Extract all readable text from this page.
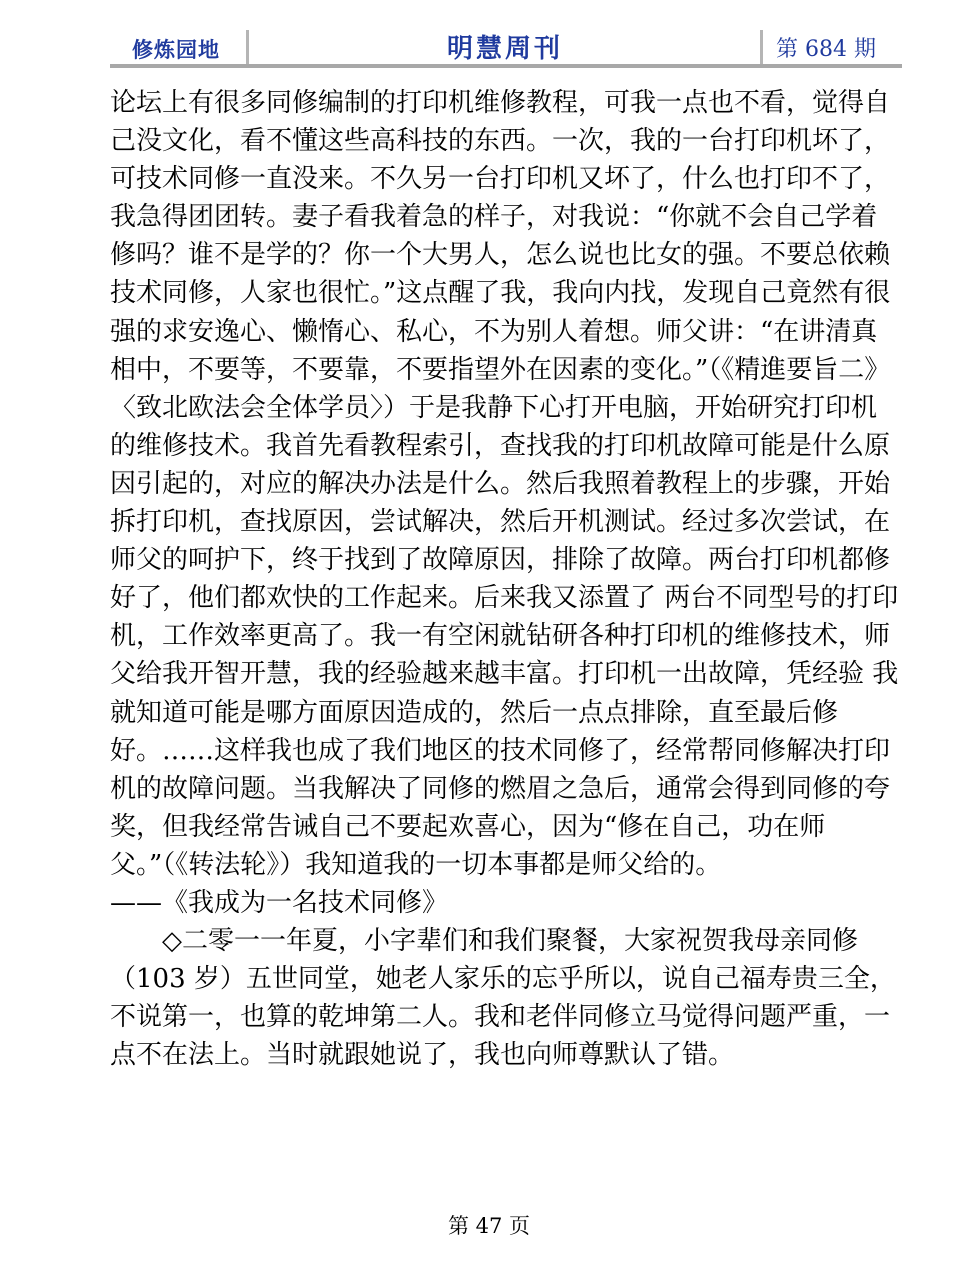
修炼园地	明慧周刊	第 684 期

论坛上有很多同修编制的打印机维修教程，可我一点也不看，觉得自己没文化，看不懂这些高科技的东西。一次，我的一台打印机坏了，可技术同修一直没来。不久另一台打印机又坏了，什么也打印不了，我急得团团转。妻子看我着急的样子，对我说：“你就不会自己学着修吗？谁不是学的？你一个大男人，怎么说也比女的强。不要总依赖技术同修，人家也很忙。”这点醒了我，我向内找，发现自己竟然有很强的求安逸心、懒惰心、私心，不为别人着想。师父讲：“在讲清真相中，不要等，不要靠，不要指望外在因素的变化。”（《精進要旨二》〈致北欧法会全体学员〉）于是我静下心打开电脑，开始研究打印机的维修技术。我首先看教程索引，查找我的打印机故障可能是什么原因引起的，对应的解决办法是什么。然后我照着教程上的步骤，开始拆打印机，查找原因，尝试解决，然后开机测试。经过多次尝试，在师父的呵护下，终于找到了故障原因，排除了故障。两台打印机都修好了，他们都欢快的工作起来。后来我又添置了 两台不同型号的打印机，工作效率更高了。我一有空闲就钻研各种打印机的维修技术，师父给我开智开慧，我的经验越来越丰富。打印机一出故障，凭经验 我就知道可能是哪方面原因造成的，然后一点点排除，直至最后修好。……这样我也成了我们地区的技术同修了，经常帮同修解决打印机的故障问题。当我解决了同修的燃眉之急后，通常会得到同修的夸奖，但我经常告诫自己不要起欢喜心，因为“修在自己，功在师父。”（《转法轮》）我知道我的一切本事都是师父给的。

——《我成为一名技术同修》

◇二零一一年夏，小字辈们和我们聚餐，大家祝贺我母亲同修（103 岁）五世同堂，她老人家乐的忘乎所以，说自己福寿贵三全，不说第一，也算的乾坤第二人。我和老伴同修立马觉得问题严重，一点不在法上。当时就跟她说了，我也向师尊默认了错。

第 47 页
